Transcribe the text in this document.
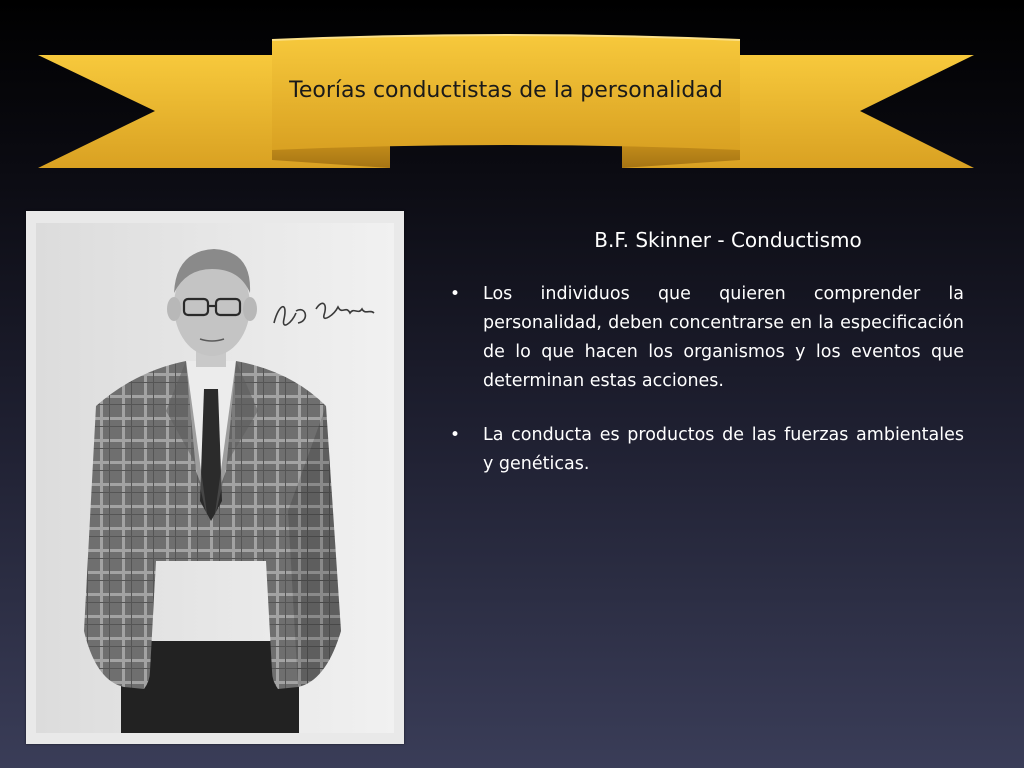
Teorías conductistas de la personalidad
B.F. Skinner - Conductismo
• Los individuos que quieren comprender la personalidad, deben concentrarse en la especificación de lo que hacen los organismos y los eventos que determinan estas acciones.
• La conducta es productos de las fuerzas ambientales y genéticas.
